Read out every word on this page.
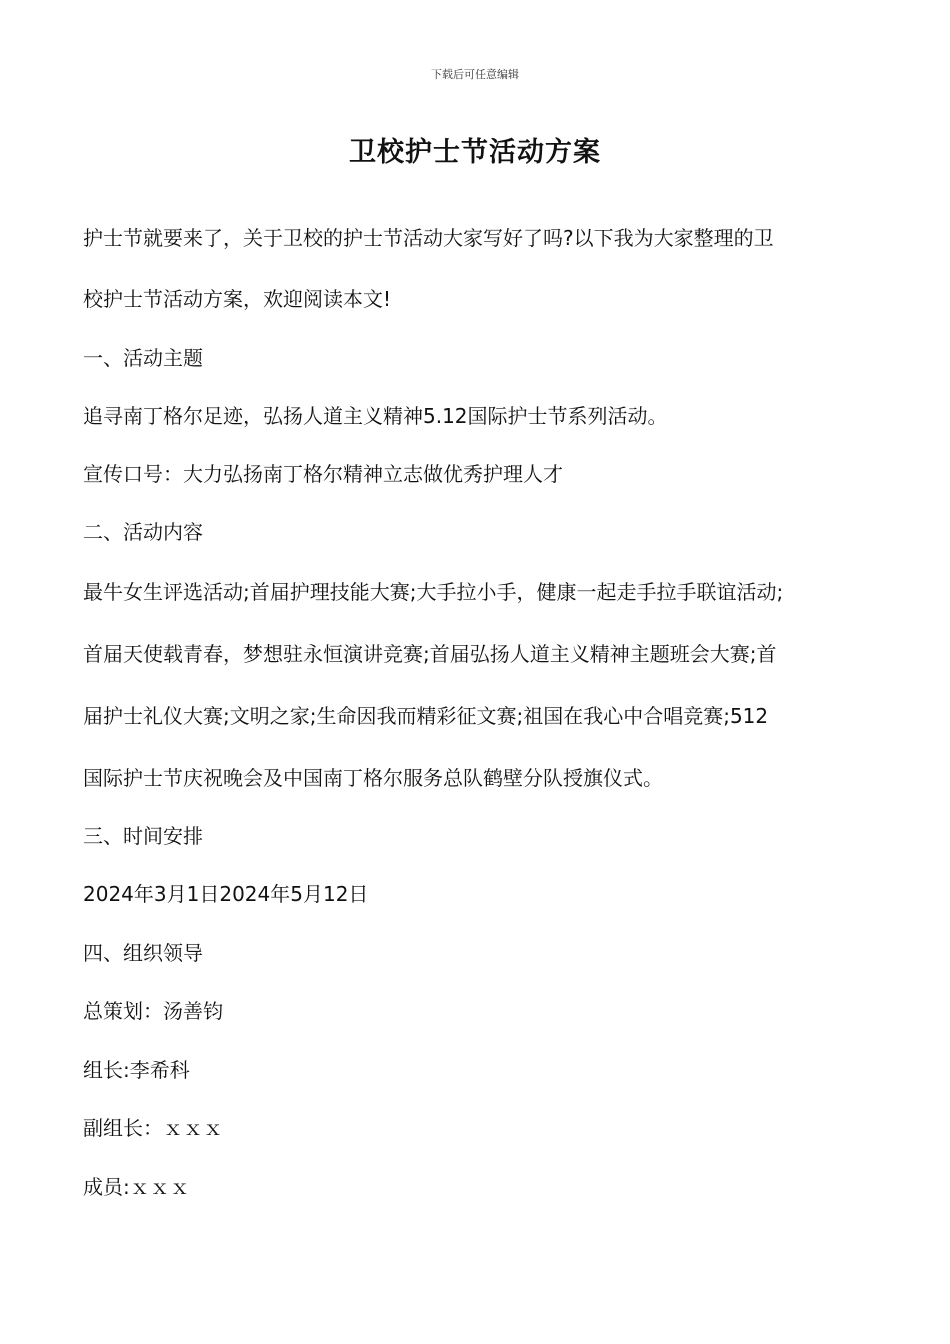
下载后可任意编辑
卫校护士节活动方案
护士节就要来了，关于卫校的护士节活动大家写好了吗?以下我为大家整理的卫
校护士节活动方案，欢迎阅读本文!
一、活动主题
追寻南丁格尔足迹，弘扬人道主义精神5.12国际护士节系列活动。
宣传口号：大力弘扬南丁格尔精神立志做优秀护理人才
二、活动内容
最牛女生评选活动;首届护理技能大赛;大手拉小手，健康一起走手拉手联谊活动;
首届天使载青春，梦想驻永恒演讲竞赛;首届弘扬人道主义精神主题班会大赛;首
届护士礼仪大赛;文明之家;生命因我而精彩征文赛;祖国在我心中合唱竞赛;512
国际护士节庆祝晚会及中国南丁格尔服务总队鹤壁分队授旗仪式。
三、时间安排
2024年3月1日2024年5月12日
四、组织领导
总策划：汤善钧
组长:李希科
副组长：ｘｘｘ
成员:ｘｘｘ
